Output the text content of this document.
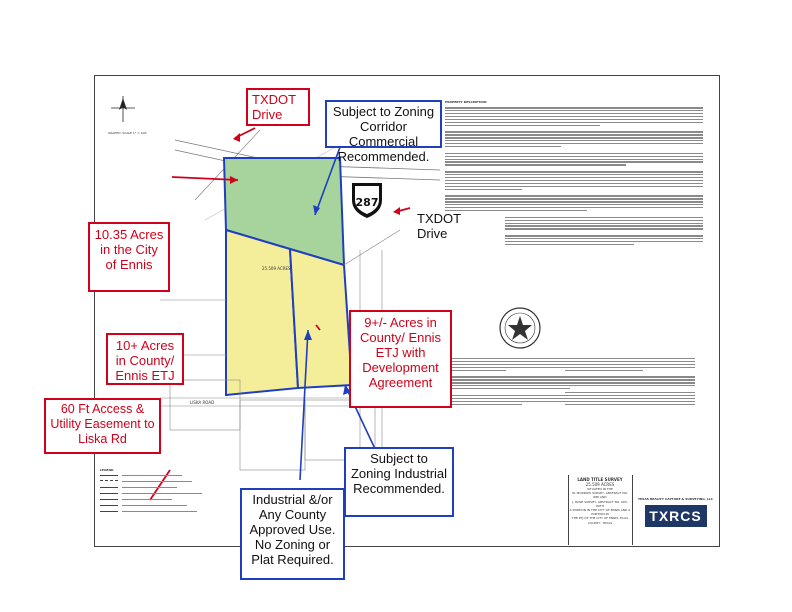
287
25.509 ACRES
LISKA ROAD
GRAPHIC SCALE 1" = 100'
PROPERTY DESCRIPTION
LEGEND
LAND TITLE SURVEY
25.509 ACRES
SITUATED IN THE
W. MORROW SURVEY, ABSTRACT NO. 686 AND
J. ROSE SURVEY, ABSTRACT NO. 905, WITH
A PORTION IN THE CITY OF ENNIS AND A PORTION IN
THE ETJ OF THE CITY OF ENNIS, ELLIS COUNTY, TEXAS
TEXAS REALITY CAPTURE & SURVEYING, LLC
TXRCS
TXDOT Drive	Subject to Zoning Corridor Commercial Recommended.
TXDOT Drive
10.35 Acres in the City of Ennis
10+ Acres in County/ Ennis ETJ
9+/- Acres in County/ Ennis ETJ with Development Agreement
60 Ft Access & Utility Easement to Liska Rd
Subject to Zoning Industrial Recommended.
Industrial &/or Any County Approved Use. No Zoning or Plat Required.
